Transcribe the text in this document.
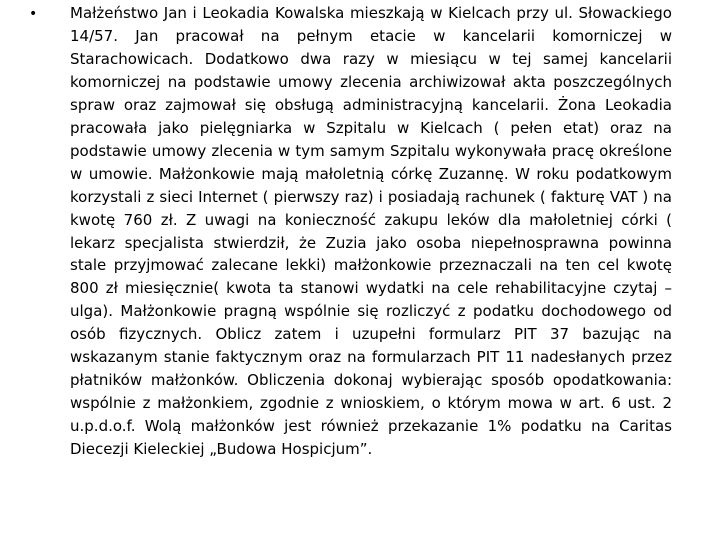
• Małżeństwo Jan i Leokadia Kowalska mieszkają w Kielcach przy ul. Słowackiego 14/57. Jan pracował na pełnym etacie w kancelarii komorniczej w Starachowicach. Dodatkowo dwa razy w miesiącu w tej samej kancelarii komorniczej na podstawie umowy zlecenia archiwizował akta poszczególnych spraw oraz zajmował się obsługą administracyjną kancelarii. Żona Leokadia pracowała jako pielęgniarka w Szpitalu w Kielcach ( pełen etat) oraz na podstawie umowy zlecenia w tym samym Szpitalu wykonywała pracę określone w umowie. Małżonkowie mają małoletnią córkę Zuzannę. W roku podatkowym korzystali z sieci Internet ( pierwszy raz) i posiadają rachunek ( fakturę VAT ) na kwotę 760 zł. Z uwagi na konieczność zakupu leków dla małoletniej córki ( lekarz specjalista stwierdził, że Zuzia jako osoba niepełnosprawna powinna stale przyjmować zalecane lekki) małżonkowie przeznaczali na ten cel kwotę 800 zł miesięcznie( kwota ta stanowi wydatki na cele rehabilitacyjne czytaj – ulga). Małżonkowie pragną wspólnie się rozliczyć z podatku dochodowego od osób fizycznych. Oblicz zatem i uzupełni formularz PIT 37 bazując na wskazanym stanie faktycznym oraz na formularzach PIT 11 nadesłanych przez płatników małżonków. Obliczenia dokonaj wybierając sposób opodatkowania: wspólnie z małżonkiem, zgodnie z wnioskiem, o którym mowa w art. 6 ust. 2 u.p.d.o.f. Wolą małżonków jest również przekazanie 1% podatku na Caritas Diecezji Kieleckiej „Budowa Hospicjum”.
